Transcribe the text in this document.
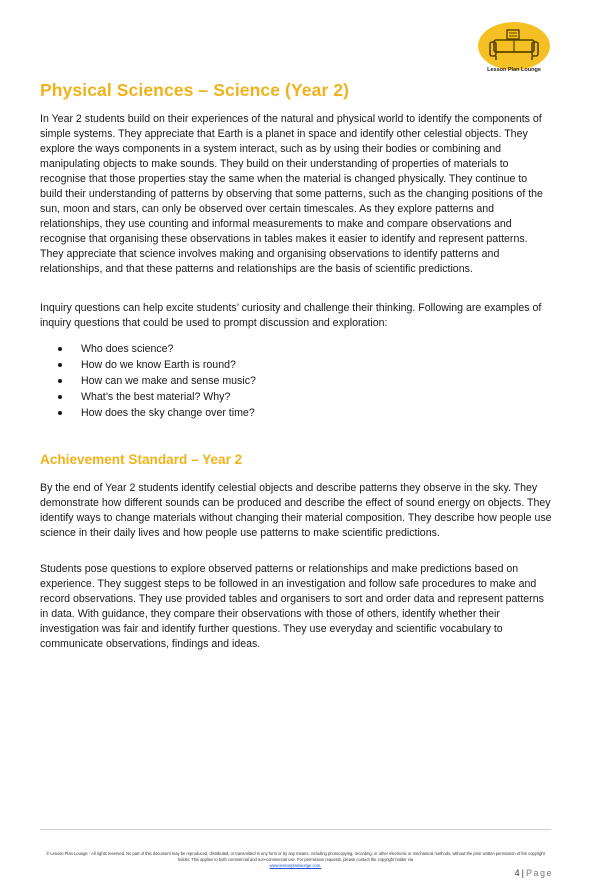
Lesson Plan Lounge
Physical Sciences – Science (Year 2)

In Year 2 students build on their experiences of the natural and physical world to identify the components of simple systems. They appreciate that Earth is a planet in space and identify other celestial objects. They explore the ways components in a system interact, such as by using their bodies or combining and manipulating objects to make sounds. They build on their understanding of properties of materials to recognise that those properties stay the same when the material is changed physically. They continue to build their understanding of patterns by observing that some patterns, such as the changing positions of the sun, moon and stars, can only be observed over certain timescales. As they explore patterns and relationships, they use counting and informal measurements to make and compare observations and recognise that organising these observations in tables makes it easier to identify and represent patterns. They appreciate that science involves making and organising observations to identify patterns and relationships, and that these patterns and relationships are the basis of scientific predictions.

Inquiry questions can help excite students’ curiosity and challenge their thinking. Following are examples of inquiry questions that could be used to prompt discussion and exploration:

Who does science?
How do we know Earth is round?
How can we make and sense music?
What’s the best material? Why?
How does the sky change over time?
Achievement Standard – Year 2

By the end of Year 2 students identify celestial objects and describe patterns they observe in the sky. They demonstrate how different sounds can be produced and describe the effect of sound energy on objects. They identify ways to change materials without changing their material composition. They describe how people use science in their daily lives and how people use patterns to make scientific predictions.

Students pose questions to explore observed patterns or relationships and make predictions based on experience. They suggest steps to be followed in an investigation and follow safe procedures to make and record observations. They use provided tables and organisers to sort and order data and represent patterns in data. With guidance, they compare their observations with those of others, identify whether their investigation was fair and identify further questions. They use everyday and scientific vocabulary to communicate observations, findings and ideas.

© Lesson Plan Lounge - All rights reserved. No part of this document may be reproduced, distributed, or transmitted in any form or by any means, including photocopying, recording, or other electronic or mechanical methods, without the prior written permission of the copyright holder. This applies to both commercial and non-commercial use. For permission requests, please contact the copyright holder via
www.lessonplanlounge.com.
4 | Page
